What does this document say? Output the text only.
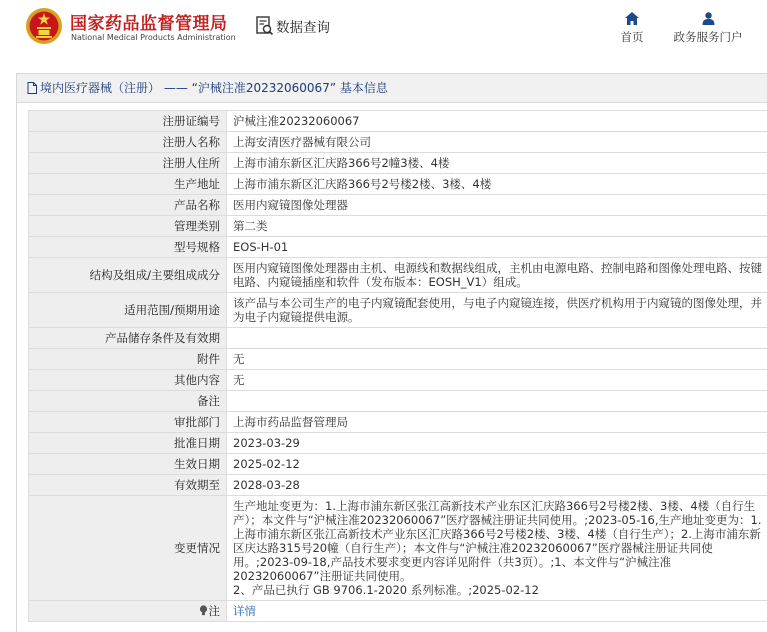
国家药品监督管理局
National Medical Products Administration
数据查询
首页	政务服务门户
境内医疗器械（注册） —— “沪械注准20232060067” 基本信息
注册证编号	沪械注准20232060067
注册人名称	上海安清医疗器械有限公司
注册人住所	上海市浦东新区汇庆路366号2幢3楼、4楼
生产地址	上海市浦东新区汇庆路366号2号楼2楼、3楼、4楼
产品名称	医用内窥镜图像处理器
管理类别	第二类
型号规格	EOS-H-01
结构及组成/主要组成成分	医用内窥镜图像处理器由主机、电源线和数据线组成，主机由电源电路、控制电路和图像处理电路、按键电路、内窥镜插座和软件（发布版本：EOSH_V1）组成。
适用范围/预期用途	该产品与本公司生产的电子内窥镜配套使用，与电子内窥镜连接，供医疗机构用于内窥镜的图像处理，并为电子内窥镜提供电源。
产品储存条件及有效期	
附件	无
其他内容	无
备注	
审批部门	上海市药品监督管理局
批准日期	2023-03-29
生效日期	2025-02-12
有效期至	2028-03-28
变更情况	生产地址变更为：1.上海市浦东新区张江高新技术产业东区汇庆路366号2号楼2楼、3楼、4楼（自行生产）；本文件与“沪械注准20232060067”医疗器械注册证共同使用。;2023-05-16,生产地址变更为：1.上海市浦东新区张江高新技术产业东区汇庆路366号2号楼2楼、3楼、4楼（自行生产）；2.上海市浦东新区庆达路315号20幢（自行生产）；本文件与“沪械注准20232060067”医疗器械注册证共同使用。;2023-09-18,产品技术要求变更内容详见附件（共3页）。;1、本文件与“沪械注准20232060067”注册证共同使用。
2、产品已执行 GB 9706.1-2020 系列标准。;2025-02-12
注	详情
